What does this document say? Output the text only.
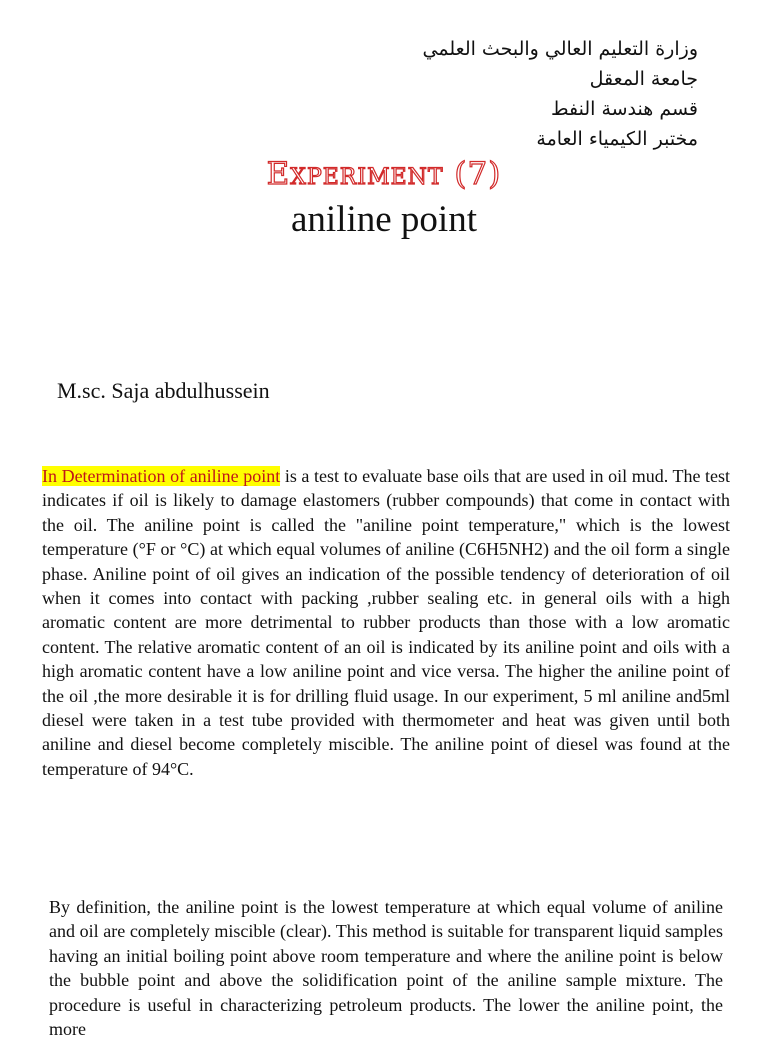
وزارة التعليم العالي والبحث العلمي
جامعة المعقل
قسم هندسة النفط
مختبر الكيمياء العامة
Experiment (7)
aniline point
M.sc. Saja abdulhussein

In Determination of aniline point is a test to evaluate base oils that are used in oil mud. The test indicates if oil is likely to damage elastomers (rubber compounds) that come in contact with the oil. The aniline point is called the "aniline point temperature," which is the lowest temperature (°F or °C) at which equal volumes of aniline (C6H5NH2) and the oil form a single phase. Aniline point of oil gives an indication of the possible tendency of deterioration of oil when it comes into contact with packing ,rubber sealing etc. in general oils with a high aromatic content are more detrimental to rubber products than those with a low aromatic content. The relative aromatic content of an oil is indicated by its aniline point and oils with a high aromatic content have a low aniline point and vice versa. The higher the aniline point of the oil ,the more desirable it is for drilling fluid usage. In our experiment, 5 ml aniline and5ml diesel were taken in a test tube provided with thermometer and heat was given until both aniline and diesel become completely miscible. The aniline point of diesel was found at the temperature of 94°C.

By definition, the aniline point is the lowest temperature at which equal volume of aniline and oil are completely miscible (clear). This method is suitable for transparent liquid samples having an initial boiling point above room temperature and where the aniline point is below the bubble point and above the solidification point of the aniline sample mixture. The procedure is useful in characterizing petroleum products. The lower the aniline point, the more
